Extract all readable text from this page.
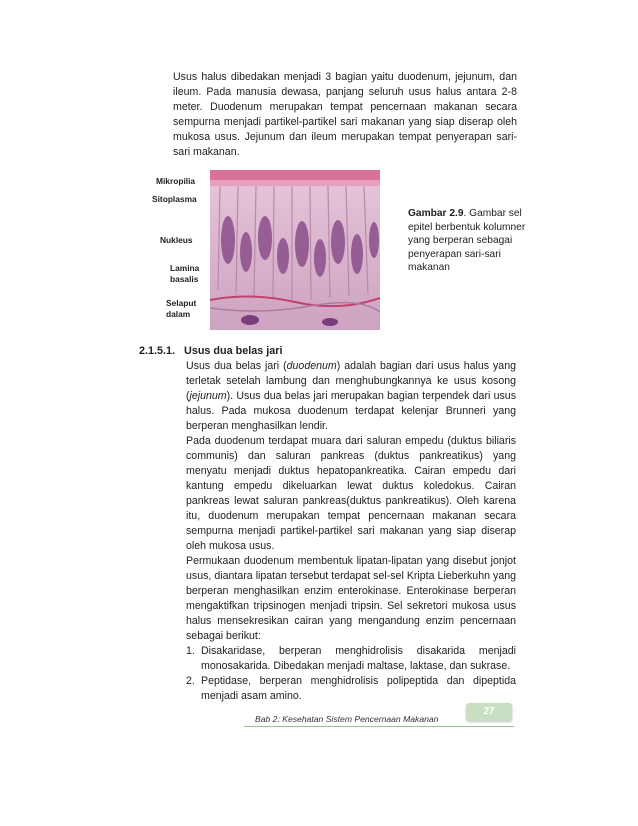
Usus halus dibedakan menjadi 3 bagian yaitu duodenum, jejunum, dan ileum. Pada manusia dewasa, panjang seluruh usus halus antara 2-8 meter. Duodenum merupakan tempat pencernaan makanan secara sempurna menjadi partikel-partikel sari makanan yang siap diserap oleh mukosa usus. Jejunum dan ileum merupakan tempat penyerapan sari-sari makanan.

Mikropilia
Sitoplasma
Nukleus
Lamina
basalis
Selaput
dalam
Gambar 2.9. Gambar sel epitel berbentuk kolumner yang berperan sebagai penyerapan sari-sari makanan
2.1.5.1. Usus dua belas jari

Usus dua belas jari (duodenum) adalah bagian dari usus halus yang terletak setelah lambung dan menghubungkannya ke usus kosong (jejunum). Usus dua belas jari merupakan bagian terpendek dari usus halus. Pada mukosa duodenum terdapat kelenjar Brunneri yang berperan menghasilkan lendir.

Pada duodenum terdapat muara dari saluran empedu (duktus biliaris communis) dan saluran pankreas (duktus pankreatikus) yang menyatu menjadi duktus hepatopankreatika. Cairan empedu dari kantung empedu dikeluarkan lewat duktus koledokus. Cairan pankreas lewat saluran pankreas(duktus pankreatikus). Oleh karena itu, duodenum merupakan tempat pencernaan makanan secara sempurna menjadi partikel-partikel sari makanan yang siap diserap oleh mukosa usus.

Permukaan duodenum membentuk lipatan-lipatan yang disebut jonjot usus, diantara lipatan tersebut terdapat sel-sel Kripta Lieberkuhn yang berperan menghasilkan enzim enterokinase. Enterokinase berperan mengaktifkan tripsinogen menjadi tripsin. Sel sekretori mukosa usus halus mensekresikan cairan yang mengandung enzim pencernaan sebagai berikut:

1. Disakaridase, berperan menghidrolisis disakarida menjadi monosakarida. Dibedakan menjadi maltase, laktase, dan sukrase.
2. Peptidase, berperan menghidrolisis polipeptida dan dipeptida menjadi asam amino.
Bab 2: Kesehatan Sistem Pencernaan Makanan
27
